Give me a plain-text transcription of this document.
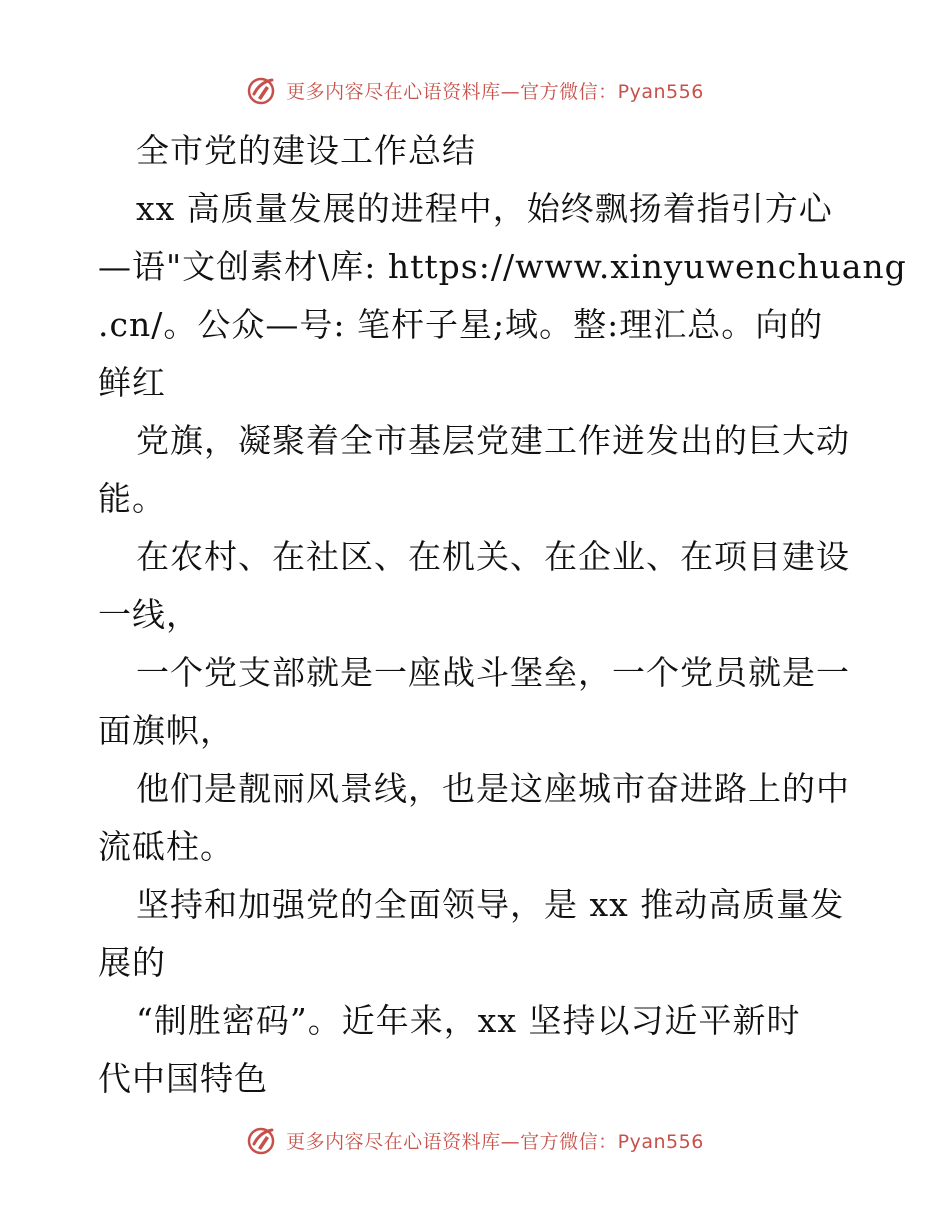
更多内容尽在心语资料库—官方微信：Pyan556
全市党的建设工作总结
xx 高质量发展的进程中，始终飘扬着指引方心
—语"文创素材\库: https://www.xinyuwenchuang
.cn/。公众—号: 笔杆子星;域。整:理汇总。向的
鲜红
党旗，凝聚着全市基层党建工作迸发出的巨大动
能。
在农村、在社区、在机关、在企业、在项目建设
一线，
一个党支部就是一座战斗堡垒，一个党员就是一
面旗帜，
他们是靓丽风景线，也是这座城市奋进路上的中
流砥柱。
坚持和加强党的全面领导，是 xx 推动高质量发
展的
“制胜密码”。近年来，xx 坚持以习近平新时
代中国特色
更多内容尽在心语资料库—官方微信：Pyan556
